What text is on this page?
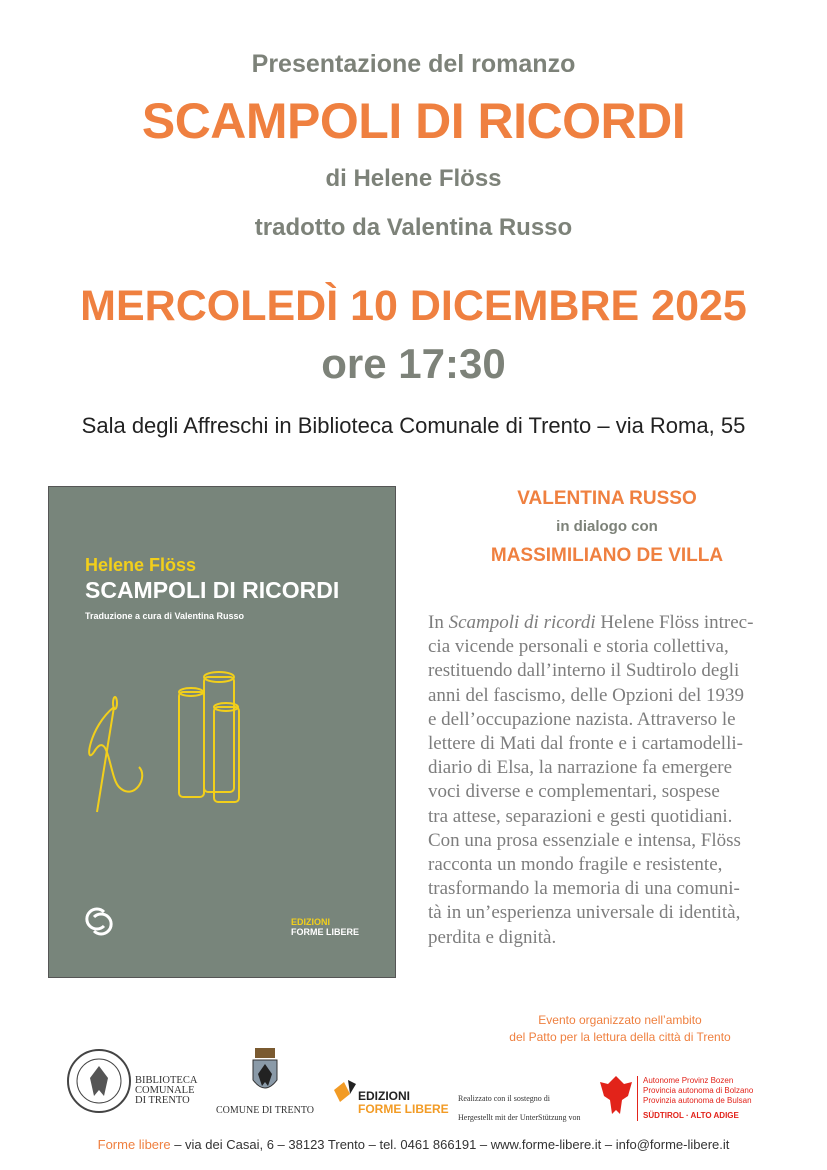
Presentazione del romanzo
SCAMPOLI DI RICORDI
di Helene Flöss
tradotto da Valentina Russo
MERCOLEDÌ 10 DICEMBRE 2025
ore 17:30
Sala degli Affreschi in Biblioteca Comunale di Trento – via Roma, 55
Helene Flöss
SCAMPOLI DI RICORDI
Traduzione a cura di Valentina Russo
EDIZIONI
FORME LIBERE
VALENTINA RUSSO
in dialogo con
MASSIMILIANO DE VILLA
In Scampoli di ricordi Helene Flöss intrec-
cia vicende personali e storia collettiva,
restituendo dall’interno il Sudtirolo degli
anni del fascismo, delle Opzioni del 1939
e dell’occupazione nazista. Attraverso le
lettere di Mati dal fronte e i cartamodelli-
diario di Elsa, la narrazione fa emergere
voci diverse e complementari, sospese
tra attese, separazioni e gesti quotidiani.
Con una prosa essenziale e intensa, Flöss
racconta un mondo fragile e resistente,
trasformando la memoria di una comuni-
tà in un’esperienza universale di identità,
perdita e dignità.
Evento organizzato nell’ambito
del Patto per la lettura della città di Trento
BIBLIOTECA
COMUNALE
DI TRENTO
COMUNE DI TRENTO
EDIZIONI
FORME LIBERE
Realizzato con il sostegno di
Hergestellt mit der UnterStützung von
Autonome Provinz Bozen
Provincia autonoma di Bolzano
Provinzia autonoma de Bulsan
SÜDTIROL · ALTO ADIGE
Forme libere – via dei Casai, 6 – 38123 Trento – tel. 0461 866191 – www.forme-libere.it – info@forme-libere.it
